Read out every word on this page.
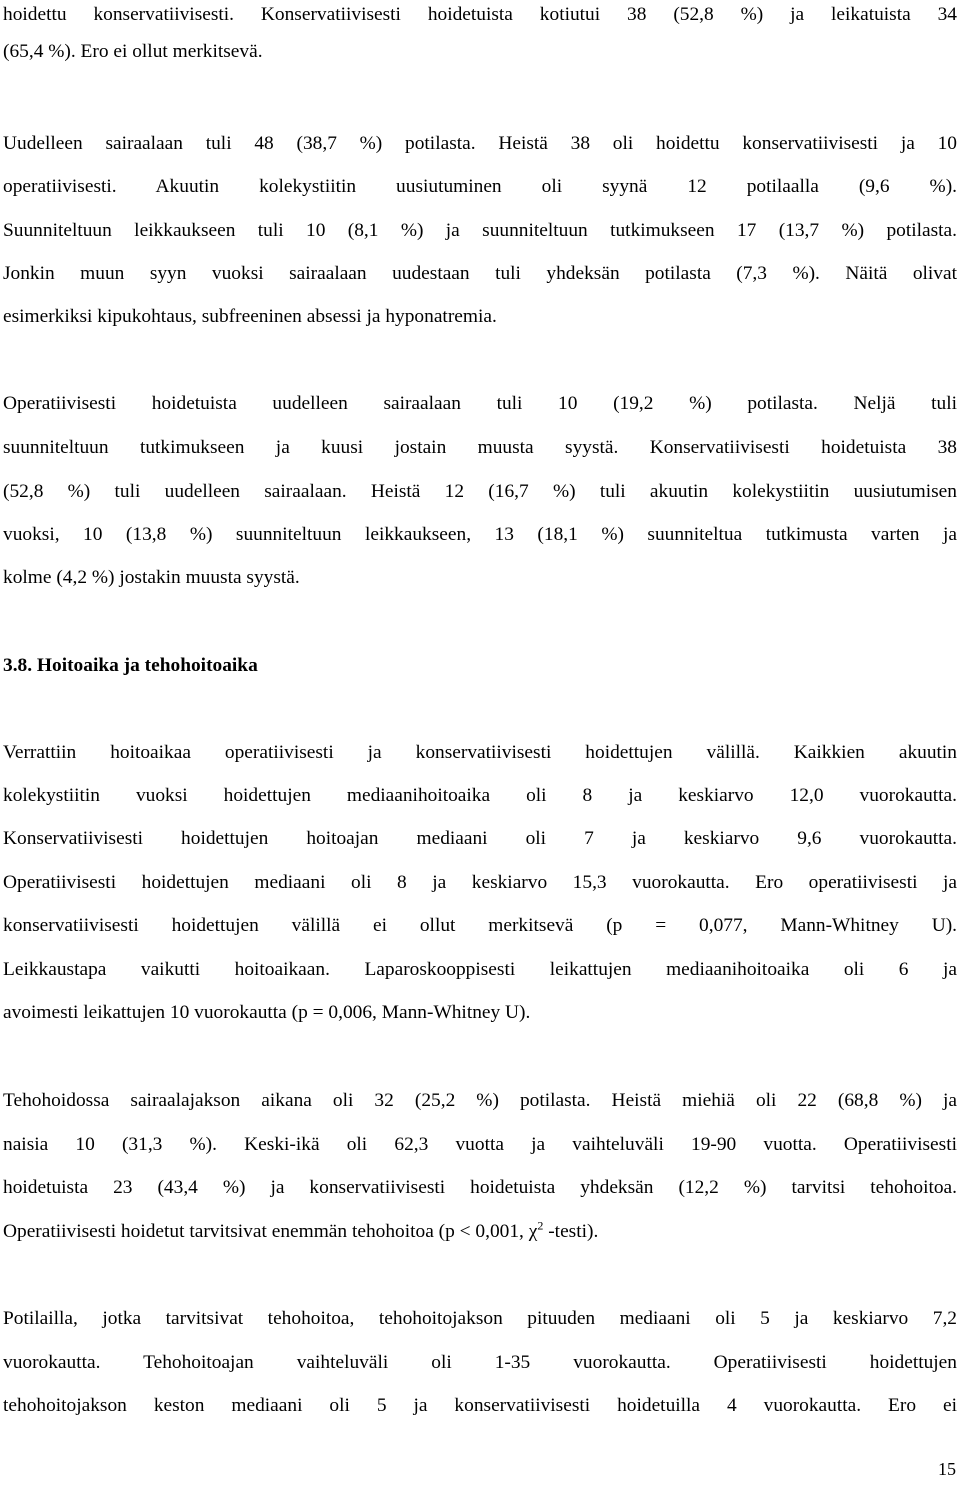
hoidettu konservatiivisesti. Konservatiivisesti hoidetuista kotiutui 38 (52,8 %) ja leikatuista 34
(65,4 %). Ero ei ollut merkitsevä.
Uudelleen sairaalaan tuli 48 (38,7 %) potilasta. Heistä 38 oli hoidettu konservatiivisesti ja 10
operatiivisesti. Akuutin kolekystiitin uusiutuminen oli syynä 12 potilaalla (9,6 %).
Suunniteltuun leikkaukseen tuli 10 (8,1 %) ja suunniteltuun tutkimukseen 17 (13,7 %) potilasta.
Jonkin muun syyn vuoksi sairaalaan uudestaan tuli yhdeksän potilasta (7,3 %). Näitä olivat
esimerkiksi kipukohtaus, subfreeninen absessi ja hyponatremia.
Operatiivisesti hoidetuista uudelleen sairaalaan tuli 10 (19,2 %) potilasta. Neljä tuli
suunniteltuun tutkimukseen ja kuusi jostain muusta syystä. Konservatiivisesti hoidetuista 38
(52,8 %) tuli uudelleen sairaalaan. Heistä 12 (16,7 %) tuli akuutin kolekystiitin uusiutumisen
vuoksi, 10 (13,8 %) suunniteltuun leikkaukseen, 13 (18,1 %) suunniteltua tutkimusta varten ja
kolme (4,2 %) jostakin muusta syystä.
3.8. Hoitoaika ja tehohoitoaika
Verrattiin hoitoaikaa operatiivisesti ja konservatiivisesti hoidettujen välillä. Kaikkien akuutin
kolekystiitin vuoksi hoidettujen mediaanihoitoaika oli 8 ja keskiarvo 12,0 vuorokautta.
Konservatiivisesti hoidettujen hoitoajan mediaani oli 7 ja keskiarvo 9,6 vuorokautta.
Operatiivisesti hoidettujen mediaani oli 8 ja keskiarvo 15,3 vuorokautta. Ero operatiivisesti ja
konservatiivisesti hoidettujen välillä ei ollut merkitsevä (p = 0,077, Mann-Whitney U).
Leikkaustapa vaikutti hoitoaikaan. Laparoskooppisesti leikattujen mediaanihoitoaika oli 6 ja
avoimesti leikattujen 10 vuorokautta (p = 0,006, Mann-Whitney U).
Tehohoidossa sairaalajakson aikana oli 32 (25,2 %) potilasta. Heistä miehiä oli 22 (68,8 %) ja
naisia 10 (31,3 %). Keski-ikä oli 62,3 vuotta ja vaihteluväli 19-90 vuotta. Operatiivisesti
hoidetuista 23 (43,4 %) ja konservatiivisesti hoidetuista yhdeksän (12,2 %) tarvitsi tehohoitoa.
Operatiivisesti hoidetut tarvitsivat enemmän tehohoitoa (p < 0,001, $\chi^2$ -testi).
Potilailla, jotka tarvitsivat tehohoitoa, tehohoitojakson pituuden mediaani oli 5 ja keskiarvo 7,2
vuorokautta. Tehohoitoajan vaihteluväli oli 1-35 vuorokautta. Operatiivisesti hoidettujen
tehohoitojakson keston mediaani oli 5 ja konservatiivisesti hoidetuilla 4 vuorokautta. Ero ei
15
